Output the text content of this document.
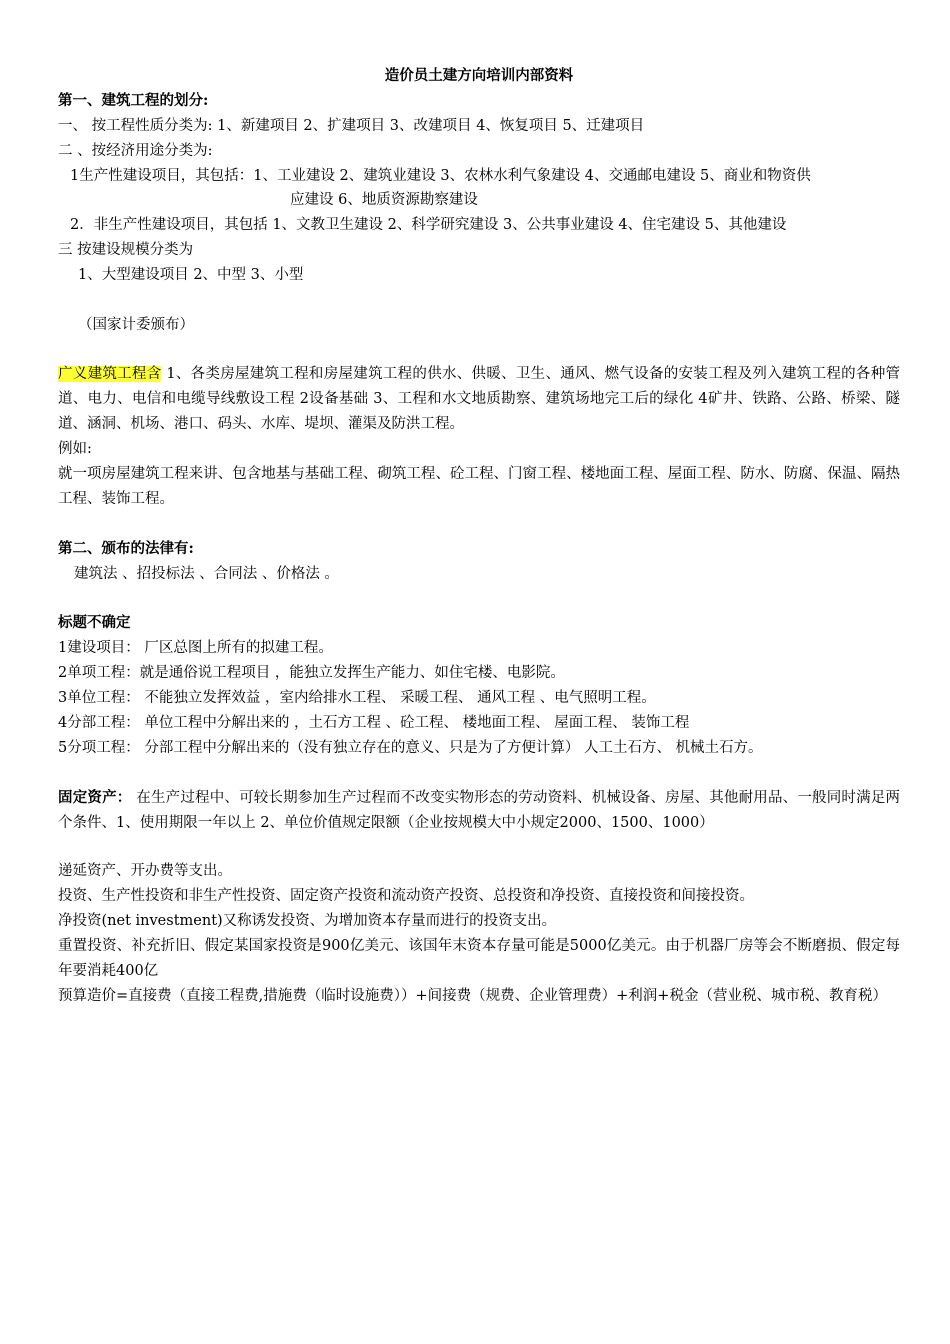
造价员土建方向培训内部资料
第一、建筑工程的划分:
一、 按工程性质分类为: 1、新建项目 2、扩建项目 3、改建项目 4、恢复项目 5、迁建项目
二 、按经济用途分类为:
1生产性建设项目，其包括：1、工业建设 2、建筑业建设 3、农林水利气象建设 4、交通邮电建设 5、商业和物资供
应建设 6、地质资源勘察建设
2．非生产性建设项目，其包括 1、文教卫生建设 2、科学研究建设 3、公共事业建设 4、住宅建设 5、其他建设
三 按建设规模分类为
1、大型建设项目 2、中型 3、小型
（国家计委颁布）
广义建筑工程含 1、各类房屋建筑工程和房屋建筑工程的供水、供暖、卫生、通风、燃气设备的安装工程及列入建筑工程的各种管道、电力、电信和电缆导线敷设工程 2设备基础 3、工程和水文地质勘察、建筑场地完工后的绿化 4矿井、铁路、公路、桥梁、隧道、涵洞、机场、港口、码头、水库、堤坝、灌渠及防洪工程。
例如:
就一项房屋建筑工程来讲、包含地基与基础工程、砌筑工程、砼工程、门窗工程、楼地面工程、屋面工程、防水、防腐、保温、隔热工程、装饰工程。
第二、颁布的法律有:
建筑法 、招投标法 、合同法 、价格法 。
标题不确定
1建设项目： 厂区总图上所有的拟建工程。
2单项工程：就是通俗说工程项目 ，能独立发挥生产能力、如住宅楼、电影院。
3单位工程： 不能独立发挥效益 ，室内给排水工程、 采暖工程、 通风工程 、电气照明工程。
4分部工程： 单位工程中分解出来的 ，土石方工程 、砼工程、 楼地面工程、 屋面工程、 装饰工程
5分项工程： 分部工程中分解出来的（没有独立存在的意义、只是为了方便计算） 人工土石方、 机械土石方。
固定资产： 在生产过程中、可较长期参加生产过程而不改变实物形态的劳动资料、机械设备、房屋、其他耐用品、一般同时满足两个条件、1、使用期限一年以上 2、单位价值规定限额（企业按规模大中小规定2000、1500、1000）
递延资产、开办费等支出。
投资、生产性投资和非生产性投资、固定资产投资和流动资产投资、总投资和净投资、直接投资和间接投资。
净投资(net investment)又称诱发投资、为增加资本存量而进行的投资支出。
重置投资、补充折旧、假定某国家投资是900亿美元、该国年末资本存量可能是5000亿美元。由于机器厂房等会不断磨损、假定每年要消耗400亿
预算造价=直接费（直接工程费,措施费（临时设施费））+间接费（规费、企业管理费）+利润+税金（营业税、城市税、教育税）
